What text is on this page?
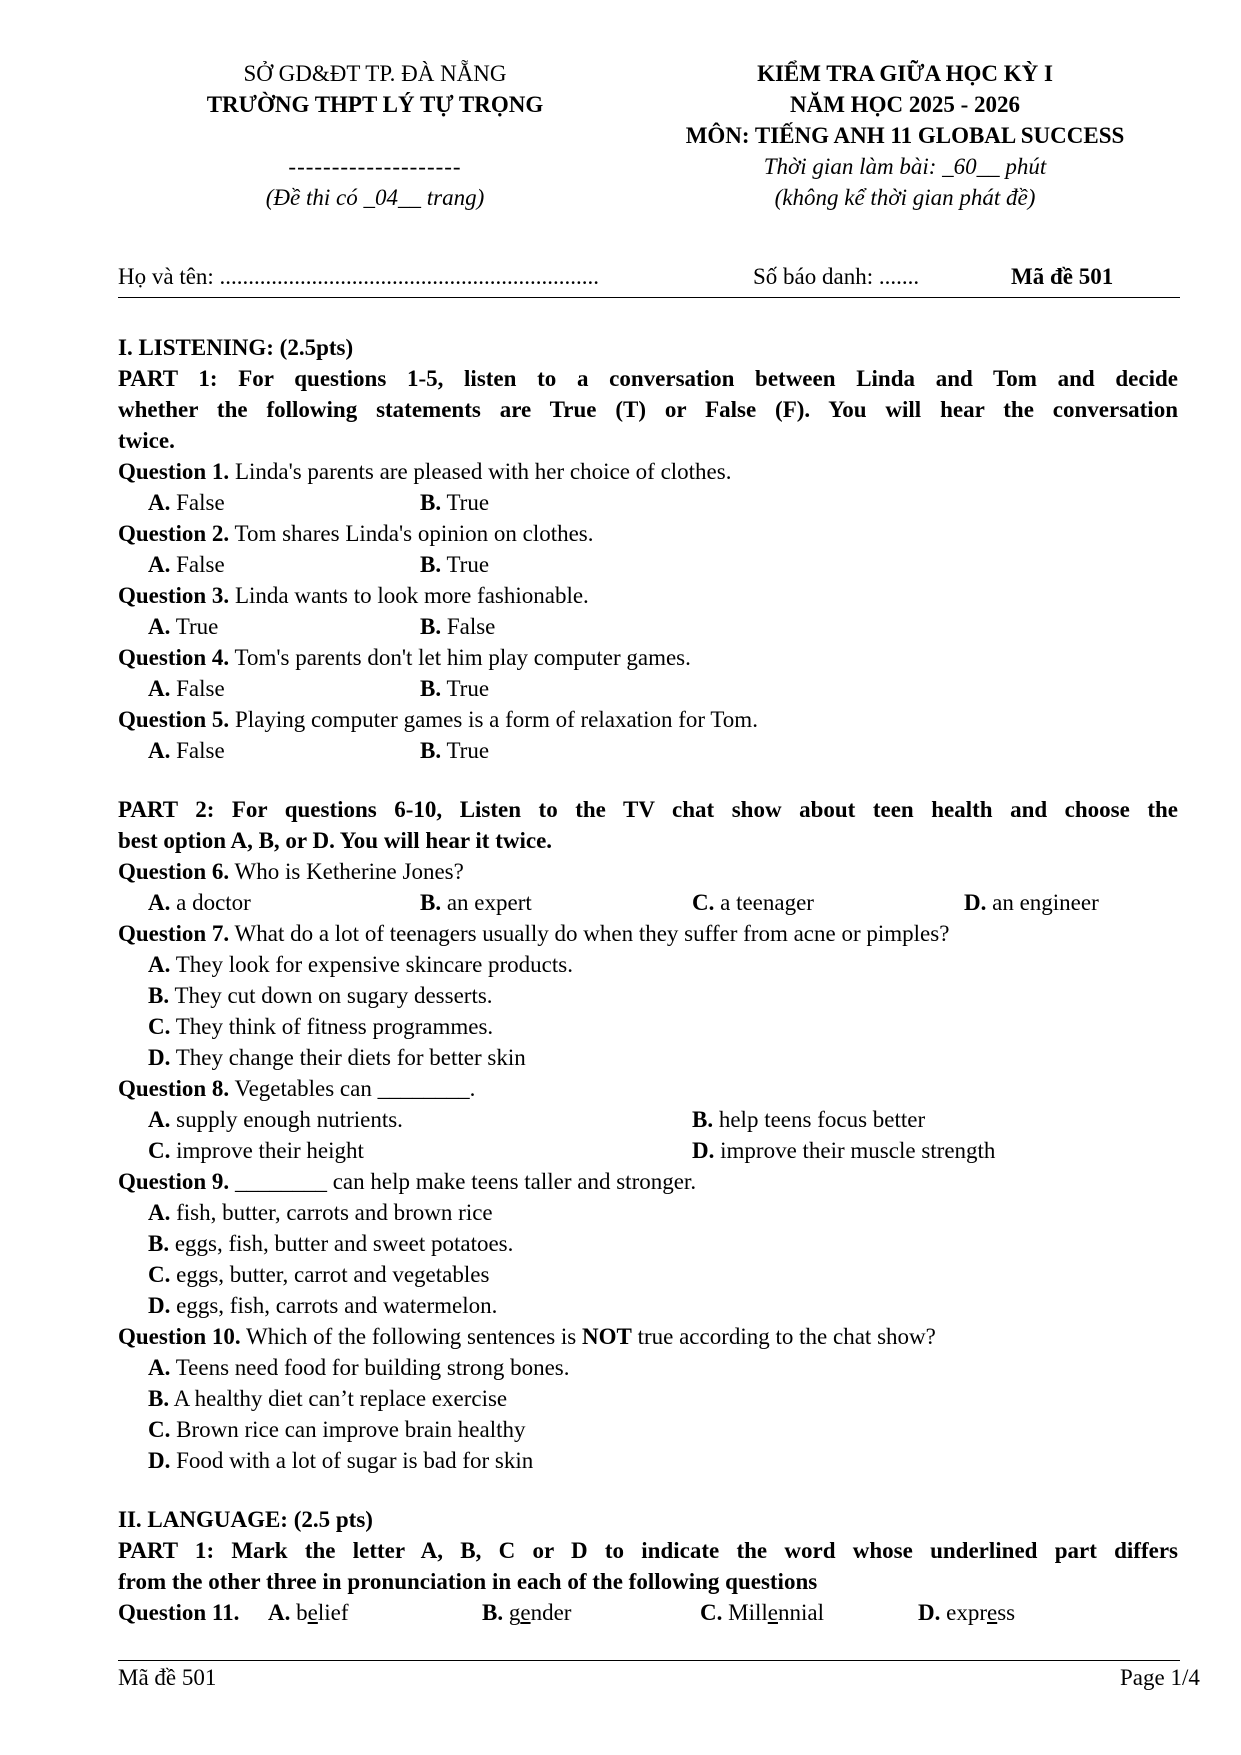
SỞ GD&ĐT TP. ĐÀ NẴNG
TRƯỜNG THPT LÝ TỰ TRỌNG
--------------------
(Đề thi có _04__ trang)
KIỂM TRA GIỮA HỌC KỲ I
NĂM HỌC 2025 - 2026
MÔN: TIẾNG ANH 11 GLOBAL SUCCESS
Thời gian làm bài: _60__ phút
(không kể thời gian phát đề)
Họ và tên: ..................................................................	Số báo danh: .......	Mã đề 501
I. LISTENING: (2.5pts)
PART 1: For questions 1-5, listen to a conversation between Linda and Tom and decide
whether the following statements are True (T) or False (F). You will hear the conversation
twice.
Question 1. Linda's parents are pleased with her choice of clothes.
A. False	B. True
Question 2. Tom shares Linda's opinion on clothes.
A. False	B. True
Question 3. Linda wants to look more fashionable.
A. True	B. False
Question 4. Tom's parents don't let him play computer games.
A. False	B. True
Question 5. Playing computer games is a form of relaxation for Tom.
A. False	B. True
PART 2: For questions 6-10, Listen to the TV chat show about teen health and choose the
best option A, B, or D. You will hear it twice.
Question 6. Who is Ketherine Jones?
A. a doctor	B. an expert	C. a teenager	D. an engineer
Question 7. What do a lot of teenagers usually do when they suffer from acne or pimples?
A. They look for expensive skincare products.
B. They cut down on sugary desserts.
C. They think of fitness programmes.
D. They change their diets for better skin
Question 8. Vegetables can ________.
A. supply enough nutrients.	B. help teens focus better
C. improve their height	D. improve their muscle strength
Question 9. ________ can help make teens taller and stronger.
A. fish, butter, carrots and brown rice
B. eggs, fish, butter and sweet potatoes.
C. eggs, butter, carrot and vegetables
D. eggs, fish, carrots and watermelon.
Question 10. Which of the following sentences is NOT true according to the chat show?
A. Teens need food for building strong bones.
B. A healthy diet can’t replace exercise
C. Brown rice can improve brain healthy
D. Food with a lot of sugar is bad for skin
II. LANGUAGE: (2.5 pts)
PART 1: Mark the letter A, B, C or D to indicate the word whose underlined part differs
from the other three in pronunciation in each of the following questions
Question 11. A. belief	B. gender	C. Millennial	D. express
Mã đề 501	Page 1/4
